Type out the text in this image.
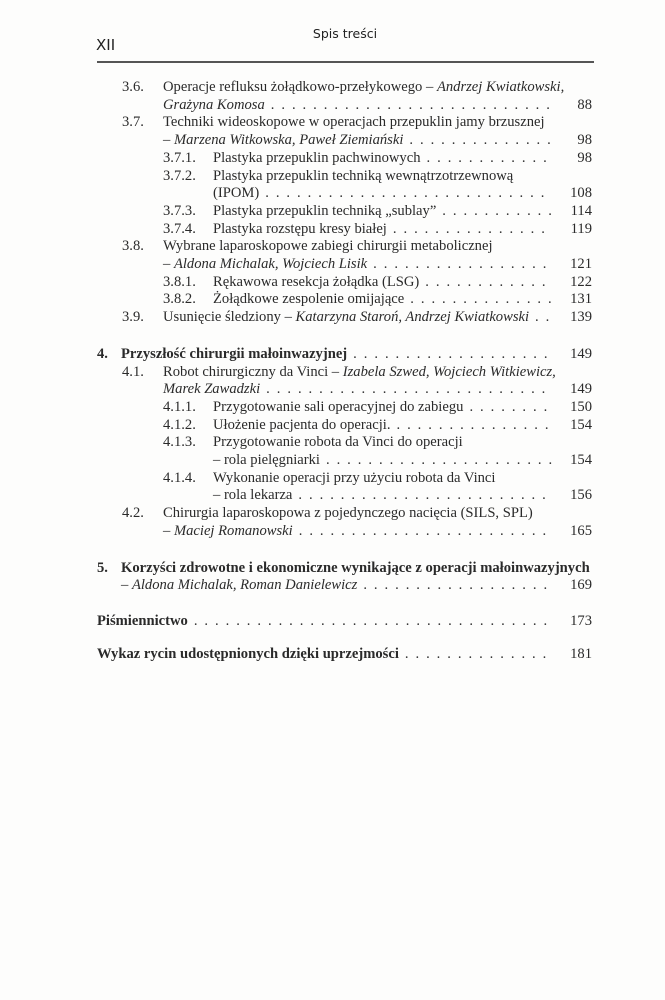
XII
Spis treści
3.6. Operacje refluksu żołądkowo-przełykowego – Andrzej Kwiatkowski,
Grażyna Komosa . . .	88
3.7. Techniki wideoskopowe w operacjach przepuklin jamy brzusznej
– Marzena Witkowska, Paweł Ziemiański . . .	98
3.7.1. Plastyka przepuklin pachwinowych . . .	98
3.7.2. Plastyka przepuklin techniką wewnątrzotrzewnową
(IPOM) . . .	108
3.7.3. Plastyka przepuklin techniką „sublay” . . .	114
3.7.4. Plastyka rozstępu kresy białej . . .	119
3.8. Wybrane laparoskopowe zabiegi chirurgii metabolicznej
– Aldona Michalak, Wojciech Lisik . . .	121
3.8.1. Rękawowa resekcja żołądka (LSG) . . .	122
3.8.2. Żołądkowe zespolenie omijające . . .	131
3.9. Usunięcie śledziony – Katarzyna Staroń, Andrzej Kwiatkowski . . .	139
4. Przyszłość chirurgii małoinwazyjnej . . .	149
4.1. Robot chirurgiczny da Vinci – Izabela Szwed, Wojciech Witkiewicz,
Marek Zawadzki . . .	149
4.1.1. Przygotowanie sali operacyjnej do zabiegu . . .	150
4.1.2. Ułożenie pacjenta do operacji. . . .	154
4.1.3. Przygotowanie robota da Vinci do operacji
– rola pielęgniarki . . .	154
4.1.4. Wykonanie operacji przy użyciu robota da Vinci
– rola lekarza . . .	156
4.2. Chirurgia laparoskopowa z pojedynczego nacięcia (SILS, SPL)
– Maciej Romanowski . . .	165
5. Korzyści zdrowotne i ekonomiczne wynikające z operacji małoinwazyjnych
– Aldona Michalak, Roman Danielewicz . . .	169
Piśmiennictwo . . .	173
Wykaz rycin udostępnionych dzięki uprzejmości . . .	181
